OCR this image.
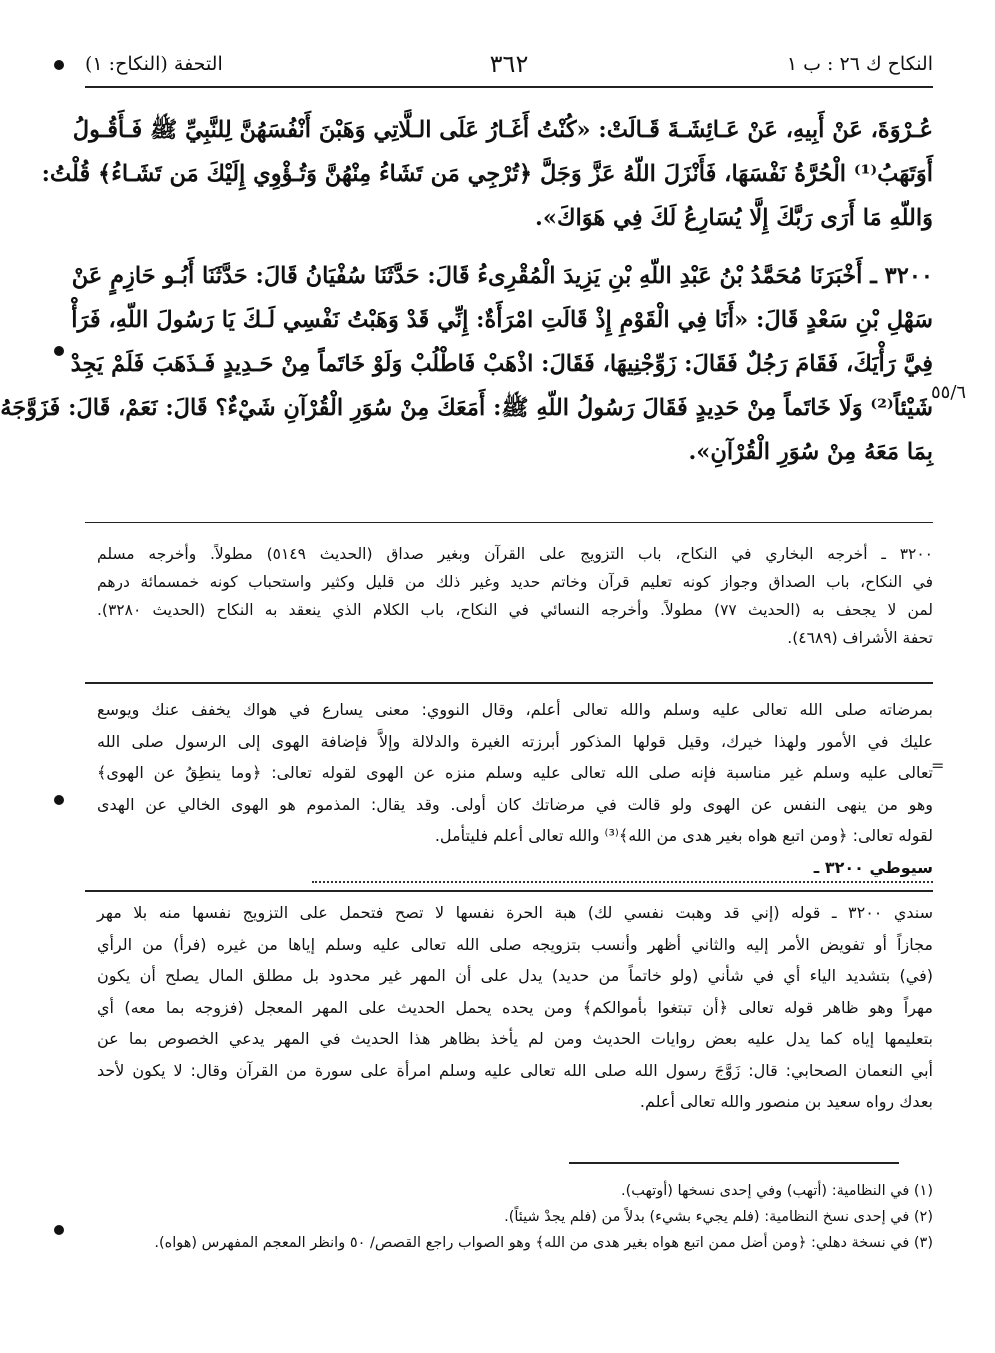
النكاح ك ٢٦ : ب ١
٣٦٢
التحفة (النكاح: ١)
عُـرْوَةَ، عَنْ أَبِيهِ، عَنْ عَـائِشَـةَ قَـالَتْ: «كُنْتُ أَغَـارُ عَلَى الـلَّاتِي وَهَبْنَ أَنْفُسَهُنَّ لِلنَّبِيِّ ﷺ فَـأَقُـولُ
أَوَتَهَبُ⁽¹⁾ الْحُرَّةُ نَفْسَهَا، فَأَنْزَلَ اللّهُ عَزَّ وَجَلَّ ﴿تُرْجِي مَن تَشَاءُ مِنْهُنَّ وَتُـؤْوِي إِلَيْكَ مَن تَشَـاءُ﴾ قُلْتُ:
وَاللّهِ مَا أَرَى رَبَّكَ إِلَّا يُسَارِعُ لَكَ فِي هَوَاكَ».
٣٢٠٠ ـ أَخْبَرَنَا مُحَمَّدُ بْنُ عَبْدِ اللّهِ بْنِ يَزِيدَ الْمُقْرِىءُ قَالَ: حَدَّثَنَا سُفْيَانُ قَالَ: حَدَّثَنَا أَبُـو حَازِمٍ عَنْ
سَهْلِ بْنِ سَعْدٍ قَالَ: «أَنَا فِي الْقَوْمِ إِذْ قَالَتِ امْرَأَةٌ: إِنِّي قَدْ وَهَبْتُ نَفْسِي لَـكَ يَا رَسُولَ اللّهِ، فَرَأْ
فِيَّ رَأْيَكَ، فَقَامَ رَجُلٌ فَقَالَ: زَوِّجْنِيهَا، فَقَالَ: اذْهَبْ فَاطْلُبْ وَلَوْ خَاتَماً مِنْ حَـدِيدٍ فَـذَهَبَ فَلَمْ يَجِدْ
شَيْئاً⁽²⁾ وَلَا خَاتَماً مِنْ حَدِيدٍ فَقَالَ رَسُولُ اللّهِ ﷺ: أَمَعَكَ مِنْ سُوَرِ الْقُرْآنِ شَيْءٌ؟ قَالَ: نَعَمْ، قَالَ: فَزَوَّجَهُ
بِمَا مَعَهُ مِنْ سُوَرِ الْقُرْآنِ».
٥٥/٦
٣٢٠٠ ـ أخرجه البخاري في النكاح، باب التزويج على القرآن وبغير صداق (الحديث ٥١٤٩) مطولاً. وأخرجه مسلم
في النكاح، باب الصداق وجواز كونه تعليم قرآن وخاتم حديد وغير ذلك من قليل وكثير واستحباب كونه خمسمائة درهم
لمن لا يجحف به (الحديث ٧٧) مطولاً. وأخرجه النسائي في النكاح، باب الكلام الذي ينعقد به النكاح (الحديث ٣٢٨٠).
تحفة الأشراف (٤٦٨٩).
=
بمرضاته صلى الله تعالى عليه وسلم والله تعالى أعلم، وقال النووي: معنى يسارع في هواك يخفف عنك ويوسع
عليك في الأمور ولهذا خيرك، وقيل قولها المذكور أبرزته الغيرة والدلالة وإلاَّ فإضافة الهوى إلى الرسول صلى الله
تعالى عليه وسلم غير مناسبة فإنه صلى الله تعالى عليه وسلم منزه عن الهوى لقوله تعالى: ﴿وما ينطِقُ عن الهوى﴾
وهو من ينهى النفس عن الهوى ولو قالت في مرضاتك كان أولى. وقد يقال: المذموم هو الهوى الخالي عن الهدى
لقوله تعالى: ﴿ومن اتبع هواه بغير هدى من الله﴾⁽³⁾ والله تعالى أعلم فليتأمل.
سيوطي ٣٢٠٠ ـ
سندي ٣٢٠٠ ـ قوله (إني قد وهبت نفسي لك) هبة الحرة نفسها لا تصح فتحمل على التزويج نفسها منه بلا مهر
مجازاً أو تفويض الأمر إليه والثاني أظهر وأنسب بتزويجه صلى الله تعالى عليه وسلم إياها من غيره (فرأ) من الرأي
(في) بتشديد الياء أي في شأني (ولو خاتماً من حديد) يدل على أن المهر غير محدود بل مطلق المال يصلح أن يكون
مهراً وهو ظاهر قوله تعالى ﴿أن تبتغوا بأموالكم﴾ ومن يحده يحمل الحديث على المهر المعجل (فزوجه بما معه) أي
بتعليمها إياه كما يدل عليه بعض روايات الحديث ومن لم يأخذ بظاهر هذا الحديث في المهر يدعي الخصوص بما عن
أبي النعمان الصحابي: قال: زَوَّجَ رسول الله صلى الله تعالى عليه وسلم امرأة على سورة من القرآن وقال: لا يكون لأحد
بعدك رواه سعيد بن منصور والله تعالى أعلم.
(١) في النظامية: (أتهب) وفي إحدى نسخها (أوتهب).
(٢) في إحدى نسخ النظامية: (فلم يجيء بشيء) بدلاً من (فلم يجدْ شيئاً).
(٣) في نسخة دهلي: ﴿ومن أضل ممن اتبع هواه بغير هدى من الله﴾ وهو الصواب راجع القصص/ ٥٠ وانظر المعجم المفهرس (هواه).
